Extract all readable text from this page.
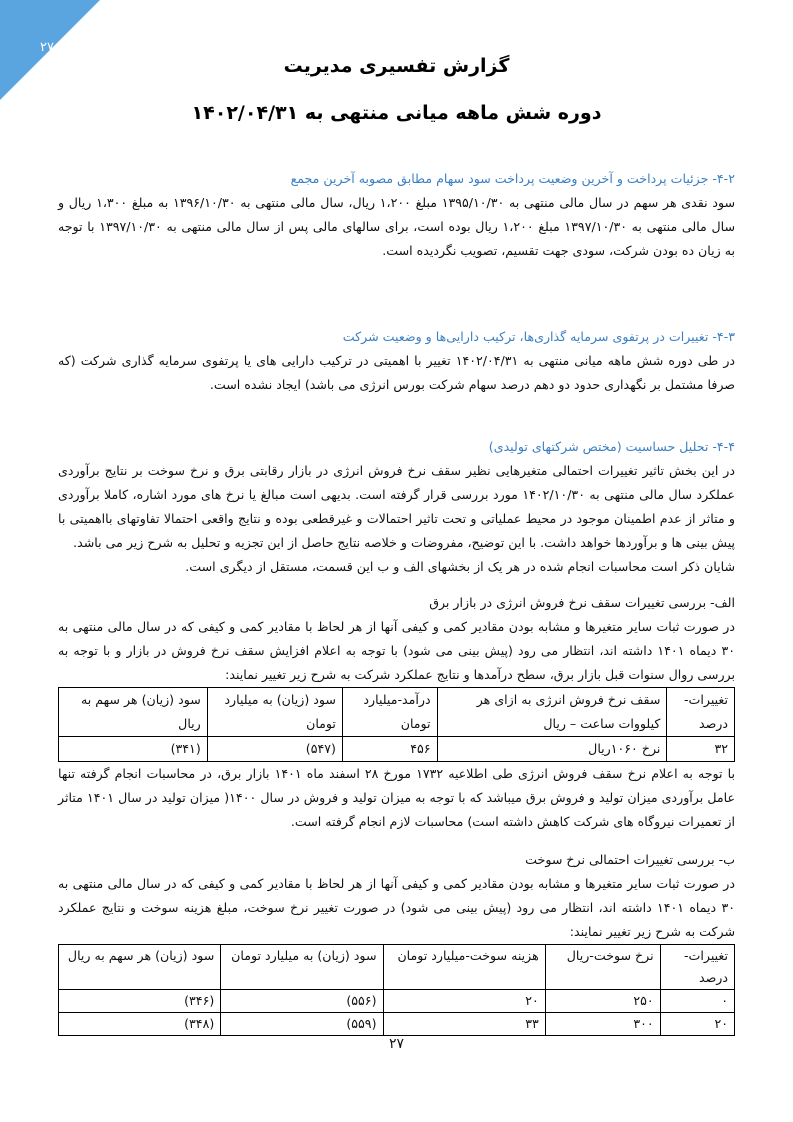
۲۷
گزارش تفسیری مدیریت
دوره شش ماهه میانی منتهی به ۱۴۰۲/۰۴/۳۱

۴-۲- جزئیات پرداخت و آخرین وضعیت پرداخت سود سهام مطابق مصوبه آخرین مجمع

سود نقدی هر سهم در سال مالی منتهی به ۱۳۹۵/۱۰/۳۰ مبلغ ۱،۲۰۰ ریال، سال مالی منتهی به ۱۳۹۶/۱۰/۳۰ به مبلغ ۱،۳۰۰ ریال و سال مالی منتهی به ۱۳۹۷/۱۰/۳۰ مبلغ ۱،۲۰۰ ریال بوده است، برای سالهای مالی پس از سال مالی منتهی به ۱۳۹۷/۱۰/۳۰ با توجه به زیان ده بودن شرکت، سودی جهت تقسیم، تصویب نگردیده است.

۴-۳- تغییرات در پرتفوی سرمایه گذاری‌ها، ترکیب دارایی‌ها و وضعیت شرکت

در طی دوره شش ماهه میانی منتهی به ۱۴۰۲/۰۴/۳۱ تغییر با اهمیتی در ترکیب دارایی های یا پرتفوی سرمایه گذاری شرکت (که صرفا مشتمل بر نگهداری حدود دو دهم درصد سهام شرکت بورس انرژی می باشد) ایجاد نشده است.

۴-۴- تحلیل حساسیت (مختص شرکتهای تولیدی)

در این بخش تاثیر تغییرات احتمالی متغیرهایی نظیر سقف نرخ فروش انرژی در بازار رقابتی برق و نرخ سوخت بر نتایج برآوردی عملکرد سال مالی منتهی به ۱۴۰۲/۱۰/۳۰ مورد بررسی قرار گرفته است. بدیهی است مبالغ یا نرخ های مورد اشاره، کاملا برآوردی و متاثر از عدم اطمینان موجود در محیط عملیاتی و تحت تاثیر احتمالات و غیرقطعی بوده و نتایج واقعی احتمالا تفاوتهای بااهمیتی با پیش بینی ها و برآوردها خواهد داشت. با این توضیح، مفروضات و خلاصه نتایج حاصل از این تجزیه و تحلیل به شرح زیر می باشد.

شایان ذکر است محاسبات انجام شده در هر یک از بخشهای الف و ب این قسمت، مستقل از دیگری است.

الف- بررسی تغییرات سقف نرخ فروش انرژی در بازار برق

در صورت ثبات سایر متغیرها و مشابه بودن مقادیر کمی و کیفی آنها از هر لحاظ با مقادیر کمی و کیفی که در سال مالی منتهی به ۳۰ دیماه ۱۴۰۱ داشته اند، انتظار می رود (پیش بینی می شود) با توجه به اعلام افزایش سقف نرخ فروش در بازار و با توجه به بررسی روال سنوات قبل بازار برق، سطح درآمدها و نتایج عملکرد شرکت به شرح زیر تغییر نمایند:

تغییرات- درصد	سقف نرخ فروش انرژی به ازای هر کیلووات ساعت – ریال	درآمد-میلیارد تومان	سود (زیان) به میلیارد تومان	سود (زیان) هر سهم به ریال
۳۲	نرخ ۱۰۶۰ریال	۴۵۶	(۵۴۷)	(۳۴۱)

با توجه به اعلام نرخ سقف فروش انرژی طی اطلاعیه ۱۷۳۲ مورخ ۲۸ اسفند ماه ۱۴۰۱ بازار برق، در محاسبات انجام گرفته تنها عامل برآوردی میزان تولید و فروش برق میباشد که با توجه به میزان تولید و فروش در سال ۱۴۰۰( میزان تولید در سال ۱۴۰۱ متاثر از تعمیرات نیروگاه های شرکت کاهش داشته است) محاسبات لازم انجام گرفته است.

ب- بررسی تغییرات احتمالی نرخ سوخت

در صورت ثبات سایر متغیرها و مشابه بودن مقادیر کمی و کیفی آنها از هر لحاظ با مقادیر کمی و کیفی که در سال مالی منتهی به ۳۰ دیماه ۱۴۰۱ داشته اند، انتظار می رود (پیش بینی می شود) در صورت تغییر نرخ سوخت، مبلغ هزینه سوخت و نتایج عملکرد شرکت به شرح زیر تغییر نمایند:

تغییرات-درصد	نرخ سوخت-ریال	هزینه سوخت-میلیارد تومان	سود (زیان) به میلیارد تومان	سود (زیان) هر سهم به ریال
۰	۲۵۰	۲۰	(۵۵۶)	(۳۴۶)
۲۰	۳۰۰	۳۳	(۵۵۹)	(۳۴۸)
۲۷
